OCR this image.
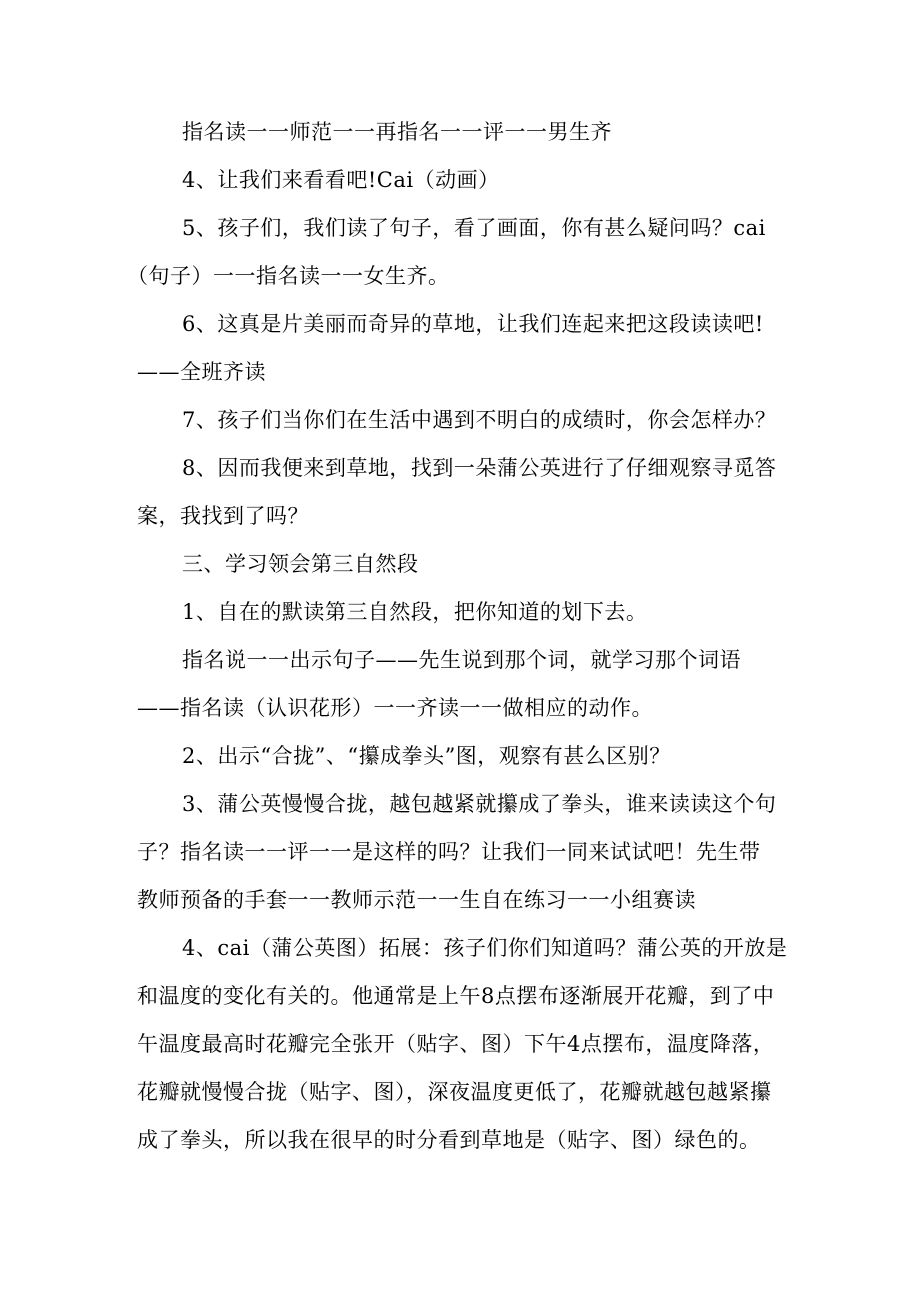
指名读一一师范一一再指名一一评一一男生齐
4、让我们来看看吧!Cai（动画）
5、孩子们，我们读了句子，看了画面，你有甚么疑问吗？cai
（句子）一一指名读一一女生齐。
6、这真是片美丽而奇异的草地，让我们连起来把这段读读吧!
——全班齐读
7、孩子们当你们在生活中遇到不明白的成绩时，你会怎样办？
8、因而我便来到草地，找到一朵蒲公英进行了仔细观察寻觅答
案，我找到了吗？
三、学习领会第三自然段
1、自在的默读第三自然段，把你知道的划下去。
指名说一一出示句子——先生说到那个词，就学习那个词语
——指名读（认识花形）一一齐读一一做相应的动作。
2、出示“合拢”、“攥成拳头”图，观察有甚么区别？
3、蒲公英慢慢合拢，越包越紧就攥成了拳头，谁来读读这个句
子？指名读一一评一一是这样的吗？让我们一同来试试吧！先生带
教师预备的手套一一教师示范一一生自在练习一一小组赛读
4、cai（蒲公英图）拓展：孩子们你们知道吗？蒲公英的开放是
和温度的变化有关的。他通常是上午8点摆布逐渐展开花瓣，到了中
午温度最高时花瓣完全张开（贴字、图）下午4点摆布，温度降落，
花瓣就慢慢合拢（贴字、图），深夜温度更低了，花瓣就越包越紧攥
成了拳头，所以我在很早的时分看到草地是（贴字、图）绿色的。
